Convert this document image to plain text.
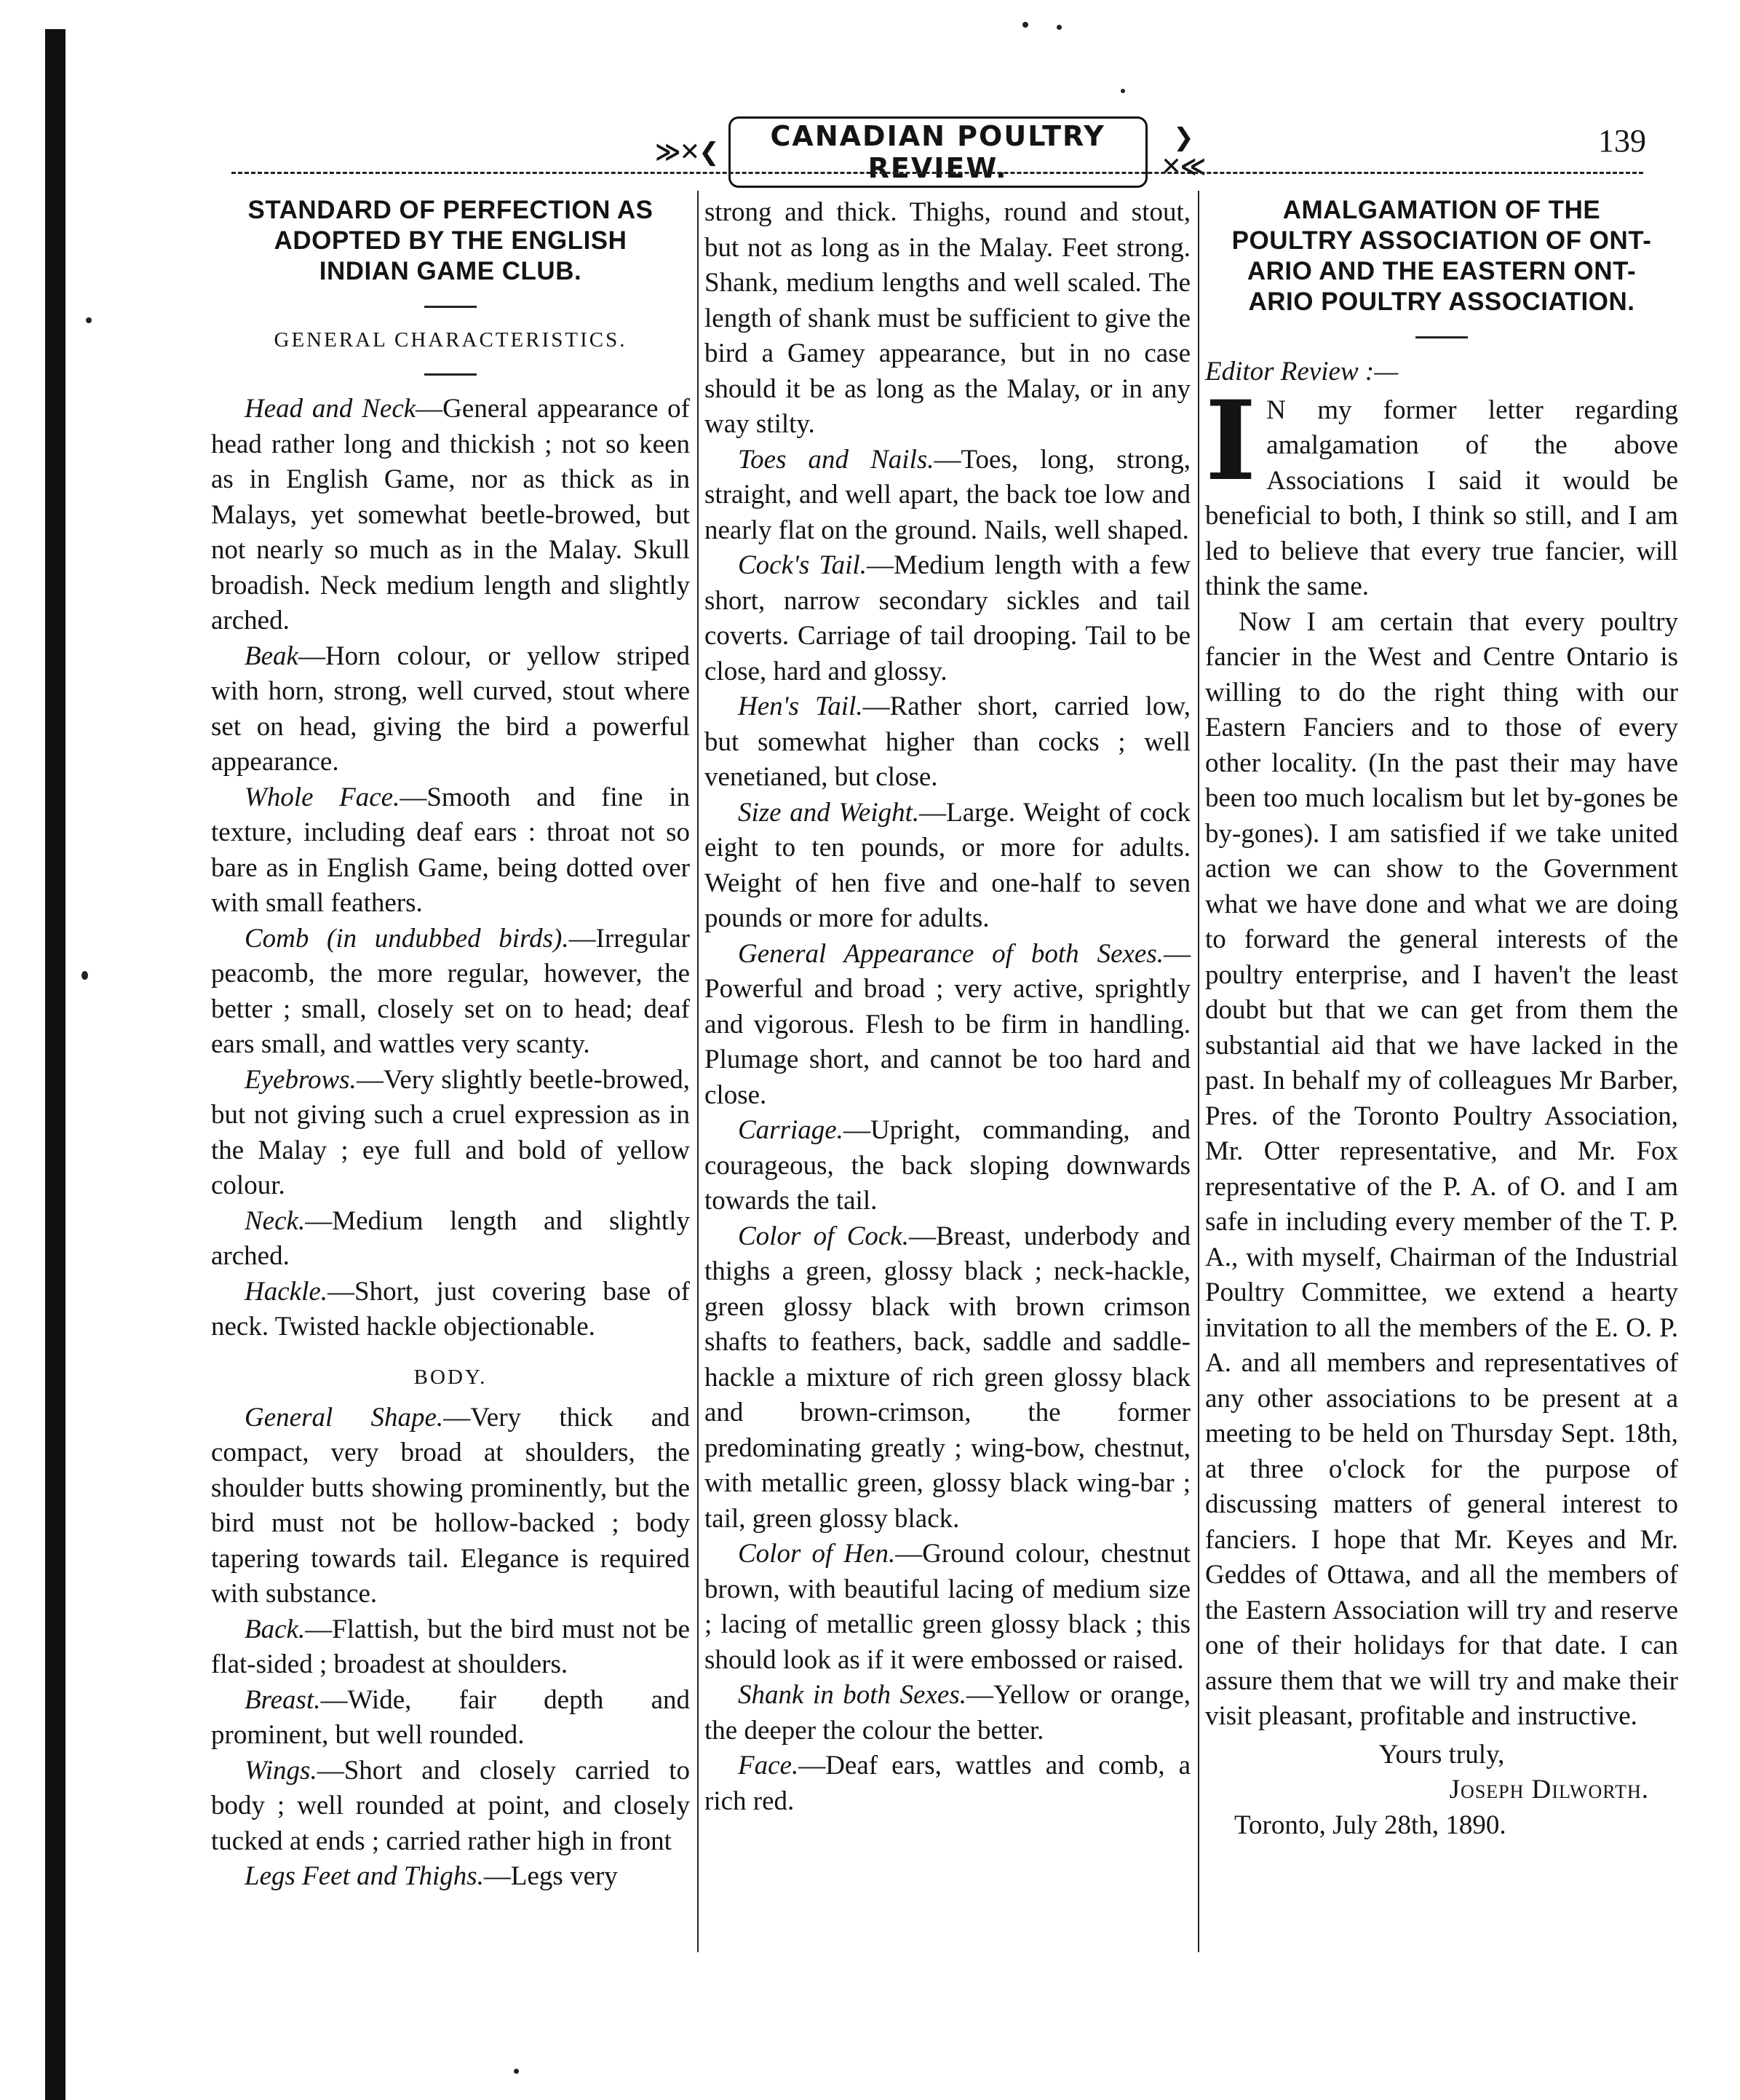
≫✕❮	CANADIAN POULTRY REVIEW.
❯✕≪
139
STANDARD OF PERFECTION AS
ADOPTED BY THE ENGLISH
INDIAN GAME CLUB.
GENERAL CHARACTERISTICS.

Head and Neck—General appearance of head rather long and thickish ; not so keen as in English Game, nor as thick as in Malays, yet somewhat beetle-browed, but not nearly so much as in the Malay. Skull broadish. Neck medium length and slightly arched.

Beak—Horn colour, or yellow striped with horn, strong, well curved, stout where set on head, giving the bird a powerful appearance.

Whole Face.—Smooth and fine in texture, including deaf ears : throat not so bare as in English Game, being dotted over with small feathers.

Comb (in undubbed birds).—Irregular peacomb, the more regular, however, the better ; small, closely set on to head; deaf ears small, and wattles very scanty.

Eyebrows.—Very slightly beetle-browed, but not giving such a cruel expression as in the Malay ; eye full and bold of yellow colour.

Neck.—Medium length and slightly arched.

Hackle.—Short, just covering base of neck. Twisted hackle objectionable.

BODY.

General Shape.—Very thick and compact, very broad at shoulders, the shoulder butts showing prominently, but the bird must not be hollow-backed ; body tapering towards tail. Elegance is required with substance.

Back.—Flattish, but the bird must not be flat-sided ; broadest at shoulders.

Breast.—Wide, fair depth and prominent, but well rounded.

Wings.—Short and closely carried to body ; well rounded at point, and closely tucked at ends ; carried rather high in front

Legs Feet and Thighs.—Legs very

strong and thick. Thighs, round and stout, but not as long as in the Malay. Feet strong. Shank, medium lengths and well scaled. The length of shank must be sufficient to give the bird a Gamey appearance, but in no case should it be as long as the Malay, or in any way stilty.

Toes and Nails.—Toes, long, strong, straight, and well apart, the back toe low and nearly flat on the ground. Nails, well shaped.

Cock's Tail.—Medium length with a few short, narrow secondary sickles and tail coverts. Carriage of tail drooping. Tail to be close, hard and glossy.

Hen's Tail.—Rather short, carried low, but somewhat higher than cocks ; well venetianed, but close.

Size and Weight.—Large. Weight of cock eight to ten pounds, or more for adults. Weight of hen five and one-half to seven pounds or more for adults.

General Appearance of both Sexes.—Powerful and broad ; very active, sprightly and vigorous. Flesh to be firm in handling. Plumage short, and cannot be too hard and close.

Carriage.—Upright, commanding, and courageous, the back sloping downwards towards the tail.

Color of Cock.—Breast, underbody and thighs a green, glossy black ; neck-hackle, green glossy black with brown crimson shafts to feathers, back, saddle and saddle-hackle a mixture of rich green glossy black and brown-crimson, the former predominating greatly ; wing-bow, chestnut, with metallic green, glossy black wing-bar ; tail, green glossy black.

Color of Hen.—Ground colour, chestnut brown, with beautiful lacing of medium size ; lacing of metallic green glossy black ; this should look as if it were embossed or raised.

Shank in both Sexes.—Yellow or orange, the deeper the colour the better.

Face.—Deaf ears, wattles and comb, a rich red.

AMALGAMATION OF THE
POULTRY ASSOCIATION OF ONT-
ARIO AND THE EASTERN ONT-
ARIO POULTRY ASSOCIATION.
Editor Review :—

I N my former letter regarding amalgamation of the above Associations I said it would be beneficial to both, I think so still, and I am led to believe that every true fancier, will think the same.

Now I am certain that every poultry fancier in the West and Centre Ontario is willing to do the right thing with our Eastern Fanciers and to those of every other locality. (In the past their may have been too much localism but let by-gones be by-gones). I am satisfied if we take united action we can show to the Government what we have done and what we are doing to forward the general interests of the poultry enterprise, and I haven't the least doubt but that we can get from them the substantial aid that we have lacked in the past. In behalf my of colleagues Mr Barber, Pres. of the Toronto Poultry Association, Mr. Otter representative, and Mr. Fox representative of the P. A. of O. and I am safe in including every member of the T. P. A., with myself, Chairman of the Industrial Poultry Committee, we extend a hearty invitation to all the members of the E. O. P. A. and all members and representatives of any other associations to be present at a meeting to be held on Thursday Sept. 18th, at three o'clock for the purpose of discussing matters of general interest to fanciers. I hope that Mr. Keyes and Mr. Geddes of Ottawa, and all the members of the Eastern Association will try and reserve one of their holidays for that date. I can assure them that we will try and make their visit pleasant, profitable and instructive.

Yours truly,
Joseph Dilworth.
Toronto, July 28th, 1890.
